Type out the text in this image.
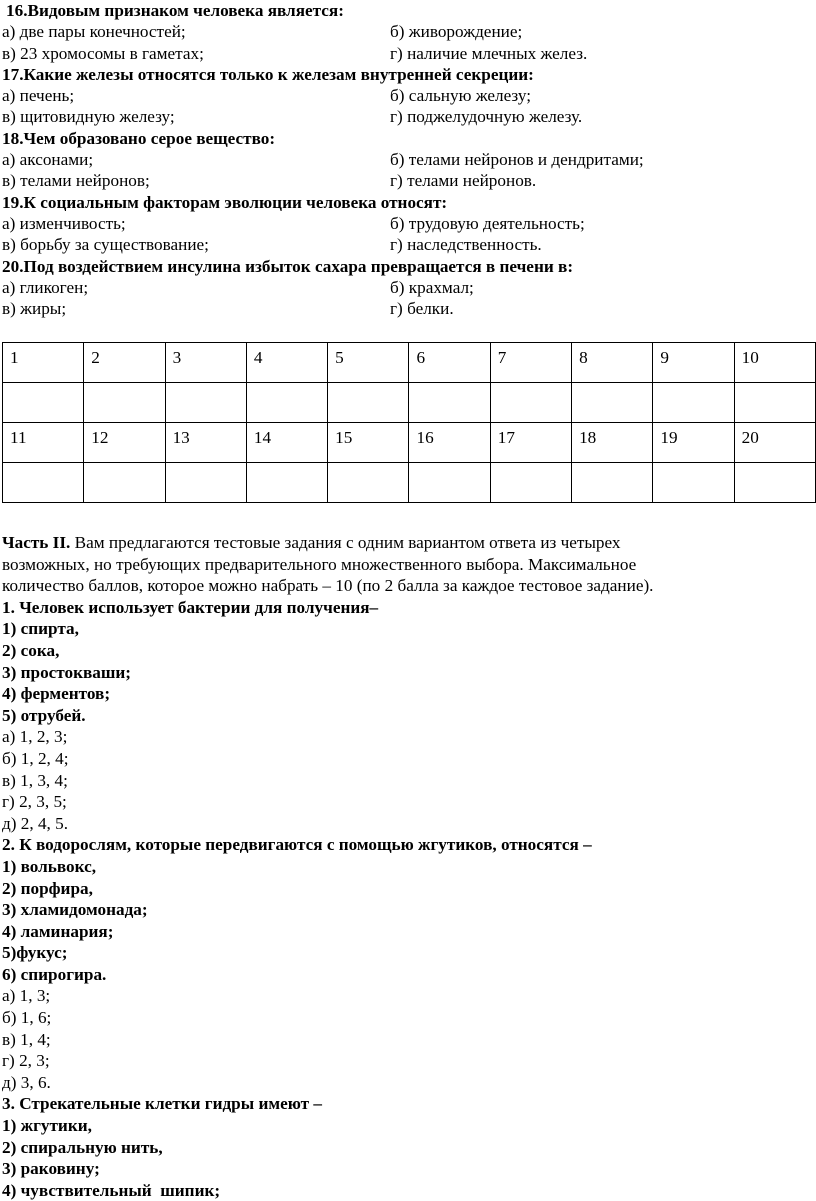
16.Видовым признаком человека является:
а) две пары конечностей;	б) живорождение;
в) 23 хромосомы в гаметах;	г) наличие млечных желез.
17.Какие железы относятся только к железам внутренней секреции:
а) печень;	б) сальную железу;
в) щитовидную железу;	г) поджелудочную железу.
18.Чем образовано серое вещество:
а) аксонами;	б) телами нейронов и дендритами;
в) телами нейронов;	г) телами нейронов.
19.К социальным факторам эволюции человека относят:
а) изменчивость;	б) трудовую деятельность;
в) борьбу за существование;	г) наследственность.
20.Под воздействием инсулина избыток сахара превращается в печени в:
а) гликоген;	б) крахмал;
в) жиры;	г) белки.
1	2	3	4	5	6	7	8	9	10

11	12	13	14	15	16	17	18	19	20

Часть II. Вам предлагаются тестовые задания с одним вариантом ответа из четырех
возможных, но требующих предварительного множественного выбора. Максимальное
количество баллов, которое можно набрать – 10 (по 2 балла за каждое тестовое задание).
1. Человек использует бактерии для получения–
1) спирта,
2) сока,
3) простокваши;
4) ферментов;
5) отрубей.
а) 1, 2, 3;
б) 1, 2, 4;
в) 1, 3, 4;
г) 2, 3, 5;
д) 2, 4, 5.
2. К водорослям, которые передвигаются с помощью жгутиков, относятся –
1) вольвокс,
2) порфира,
3) хламидомонада;
4) ламинария;
5)фукус;
6) спирогира.
а) 1, 3;
б) 1, 6;
в) 1, 4;
г) 2, 3;
д) 3, 6.
3. Стрекательные клетки гидры имеют –
1) жгутики,
2) спиральную нить,
3) раковину;
4) чувствительный  шипик;
